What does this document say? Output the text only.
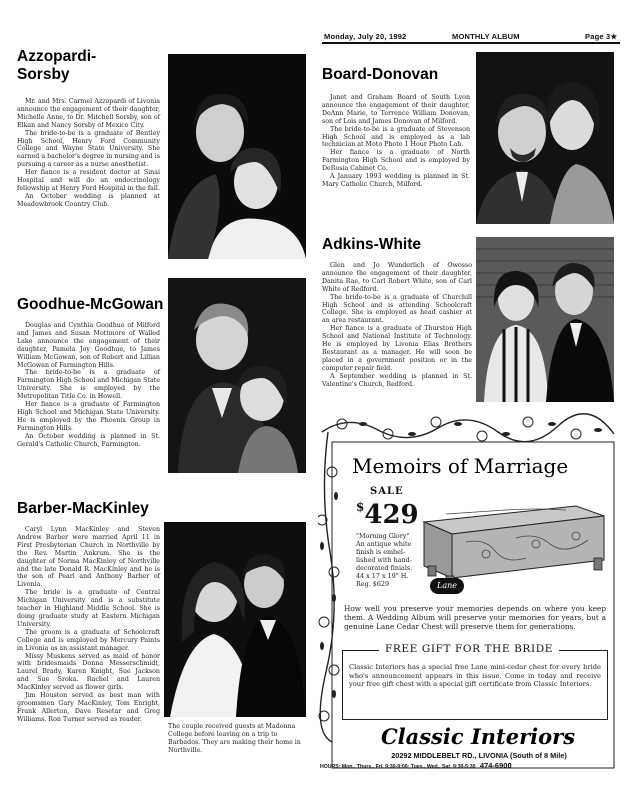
Monday, July 20, 1992	MONTHLY ALBUM	Page 3★
Azzopardi-
Sorsby

Mr. and Mrs. Carmel Azzopardi of Livonia announce the engagement of their daughter, Michelle Anne, to Dr. Mitchell Sorsby, son of Elkan and Nancy Sorsby of Mexico City.

The bride-to-be is a graduate of Bentley High School, Henry Ford Community College and Wayne State University. She earned a bachelor's degree in nursing and is pursuing a career as a nurse anesthetist.

Her fiance is a resident doctor at Sinai Hospital and will do an endocrinology fellowship at Henry Ford Hospital in the fall.

An October wedding is planned at Meadowbrook Country Club.

Goodhue-McGowan

Douglas and Cynthia Goodhue of Milford and James and Susan Mottmore of Walled Lake announce the engagement of their daughter, Pamela Joy Goodhue, to James William McGowan, son of Robert and Lillian McGowan of Farmington Hills.

The bride-to-be is a graduate of Farmington High School and Michigan State University. She is employed by the Metropolitan Title Co. in Howell.

Her fiance is a graduate of Farmington High School and Michigan State University. He is employed by the Phoenix Group in Farmington Hills.

An October wedding is planned in St. Gerald's Catholic Church, Farmington.

Barber-MacKinley

Caryl Lynn MacKinley and Steven Andrew Barber were married April 11 in First Presbyterian Church in Northville by the Rev. Martin Ankrum. She is the daughter of Norma MacKinley of Northville and the late Donald R. MacKinley and he is the son of Pearl and Anthony Barber of Livonia.

The bride is a graduate of Central Michigan University and is a substitute teacher in Highland Middle School. She is doing graduate study at Eastern Michigan University.

The groom is a graduate of Schoolcraft College and is employed by Mercury Paints in Livonia as an assistant manager.

Missy Muskens served as maid of honor with bridesmaids Donna Messerschmidt, Laurel Brady, Karen Knight, Sue Jackson and Sue Sroka. Rachel and Lauren MacKinley served as flower girls.

Jim Houston served as best man with groomsmen Gary MacKinley, Tom Enright, Frank Allerton, Dave Resetar and Greg Williams. Ron Turner served as reader.

The couple received guests at Madonna College before leaving on a trip to Barbados. They are making their home in Northville.
Board-Donovan

Janet and Graham Board of South Lyon announce the engagement of their daughter, DeAnn Marie, to Terrence William Donovan, son of Lois and James Donovan of Milford.

The bride-to-be is a graduate of Stevenson High School and is employed as a lab technician at Moto Photo 1 Hour Photo Lab.

Her fiance is a graduate of North Farmington High School and is employed by DeRosia Cabinet Co.

A January 1993 wedding is planned in St. Mary Catholic Church, Milford.

Adkins-White

Glen and Jo Wunderlich of Owosso announce the engagement of their daughter, Danita Rae, to Carl Robert White, son of Carl White of Redford.

The bride-to-be is a graduate of Churchill High School and is attending Schoolcraft College. She is employed as head cashier at an area restaurant.

Her fiance is a graduate of Thurston High School and National Institute of Technology. He is employed by Livonia Elias Brothers Restaurant as a manager. He will soon be placed in a government position or in the computer repair field.

A September wedding is planned in St. Valentine's Church, Redford.

Memoirs of Marriage
SALE
$429
"Morning Glory"
An antique white
finish is embel-
lished with hand-
decorated finials.
44 x 17 x 19" H.
Reg. $629	Lane
How well you preserve your memories depends on where you keep them. A Wedding Album will preserve your memories for years, but a genuine Lane Cedar Chest will preserve them for generations.
FREE GIFT FOR THE BRIDE
Classic Interiors has a special free Lane mini-cedar chest for every bride who's announcement appears in this issue. Come in today and receive your free gift chest with a special gift certificate from Classic Interiors.
Classic Interiors
20292 MIDDLEBELT RD., LIVONIA (South of 8 Mile)
HOURS: Mon., Thurs., Fri. 9:30-9:00; Tues., Wed., Sat. 9:30-5:30 474-6900
